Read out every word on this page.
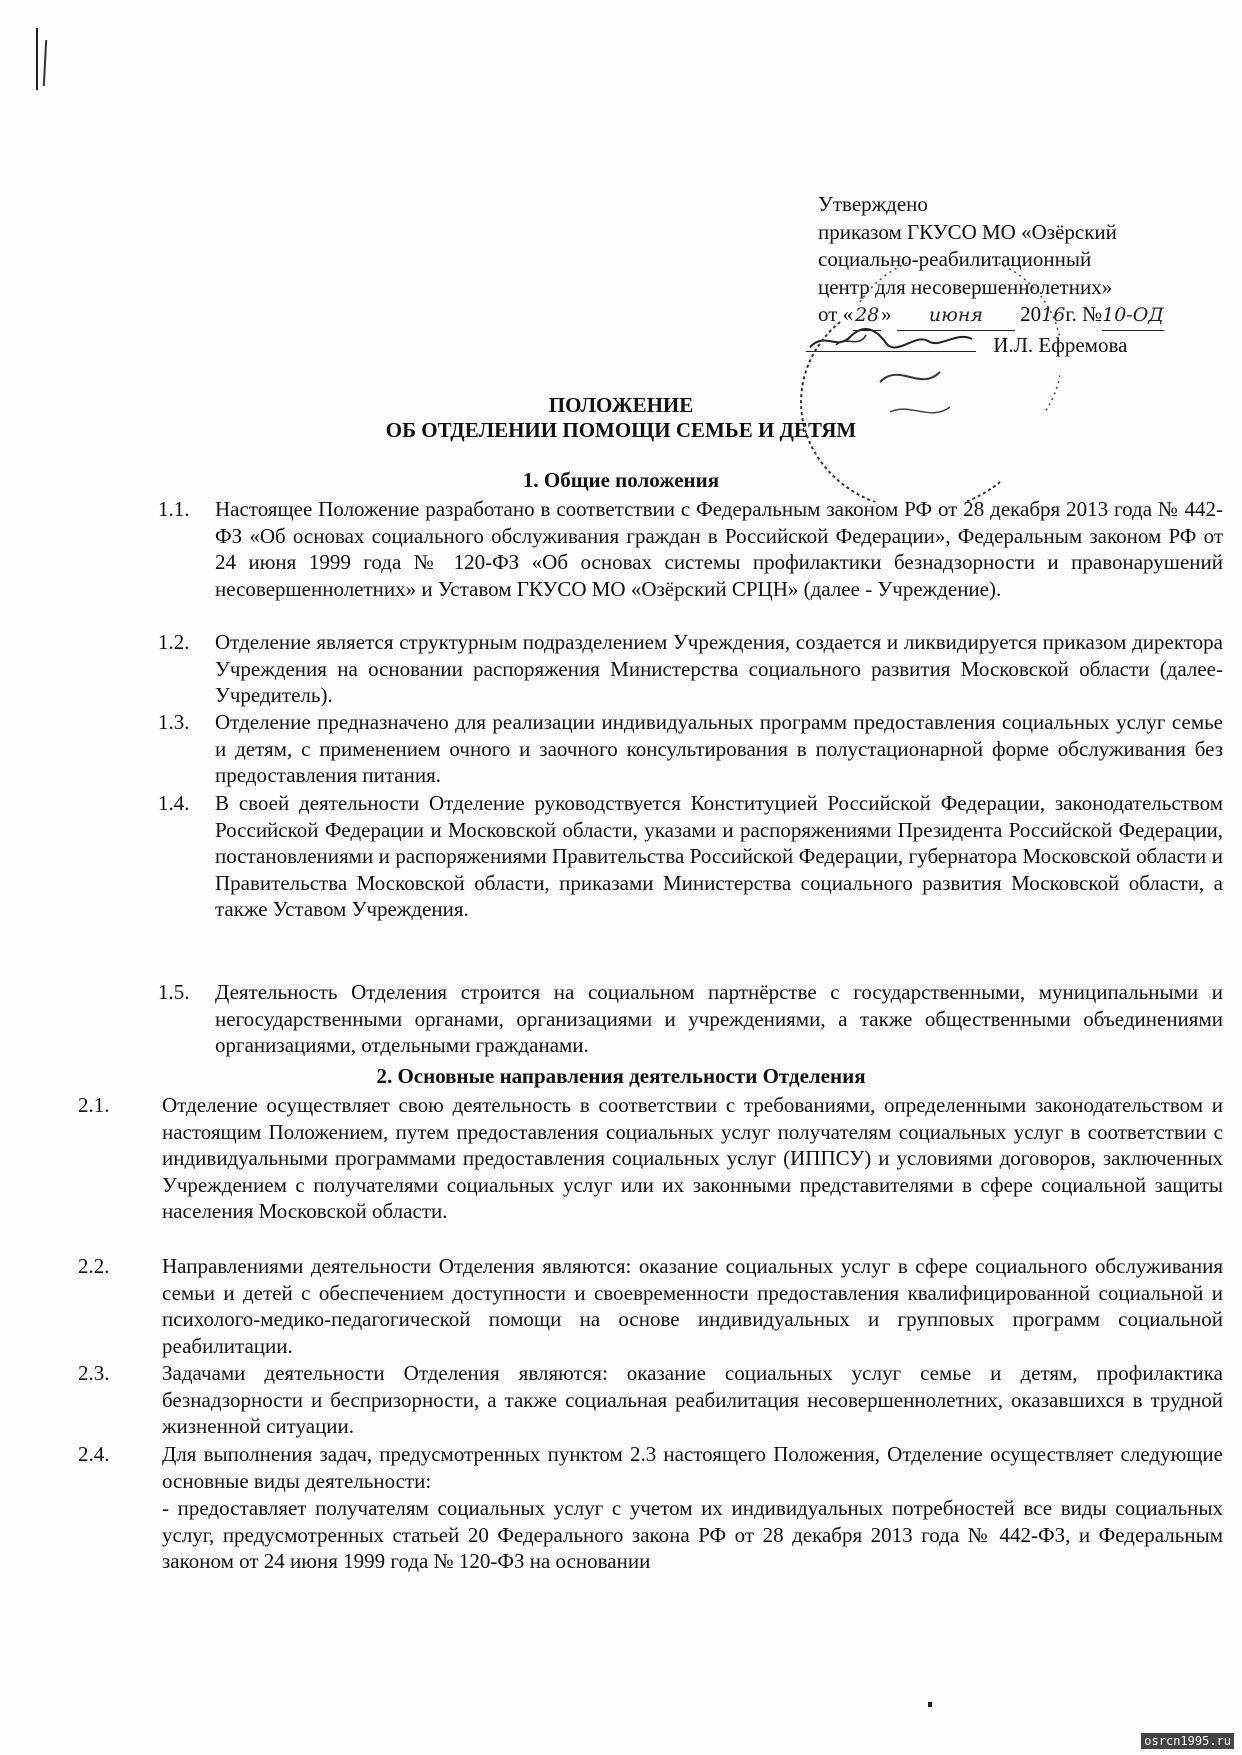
Утверждено
приказом ГКУСО МО «Озёрский
социально-реабилитационный
центр для несовершеннолетних»
от « 28» июня 2016г. №10-ОД
И.Л. Ефремова
ПОЛОЖЕНИЕ
ОБ ОТДЕЛЕНИИ ПОМОЩИ СЕМЬЕ И ДЕТЯМ
1. Общие положения
2. Основные направления деятельности Отделения
1.1. Настоящее Положение разработано в соответствии с Федеральным законом РФ от 28 декабря 2013 года № 442-ФЗ «Об основах социального обслуживания граждан в Российской Федерации», Федеральным законом РФ от 24 июня 1999 года № 120-ФЗ «Об основах системы профилактики безнадзорности и правонарушений несовершеннолетних» и Уставом ГКУСО МО «Озёрский СРЦН» (далее - Учреждение).
1.2. Отделение является структурным подразделением Учреждения, создается и ликвидируется приказом директора Учреждения на основании распоряжения Министерства социального развития Московской области (далее-Учредитель).
1.3. Отделение предназначено для реализации индивидуальных программ предоставления социальных услуг семье и детям, с применением очного и заочного консультирования в полустационарной форме обслуживания без предоставления питания.
1.4. В своей деятельности Отделение руководствуется Конституцией Российской Федерации, законодательством Российской Федерации и Московской области, указами и распоряжениями Президента Российской Федерации, постановлениями и распоряжениями Правительства Российской Федерации, губернатора Московской области и Правительства Московской области, приказами Министерства социального развития Московской области, а также Уставом Учреждения.
1.5. Деятельность Отделения строится на социальном партнёрстве с государственными, муниципальными и негосударственными органами, организациями и учреждениями, а также общественными объединениями организациями, отдельными гражданами.
2.1.	Отделение осуществляет свою деятельность в соответствии с требованиями, определенными законодательством и настоящим Положением, путем предоставления социальных услуг получателям социальных услуг в соответствии с индивидуальными программами предоставления социальных услуг (ИППСУ) и условиями договоров, заключенных Учреждением с получателями социальных услуг или их законными представителями в сфере социальной защиты населения Московской области.
2.2.	Направлениями деятельности Отделения являются: оказание социальных услуг в сфере социального обслуживания семьи и детей с обеспечением доступности и своевременности предоставления квалифицированной социальной и психолого-медико-педагогической помощи на основе индивидуальных и групповых программ социальной реабилитации.
2.3.	Задачами деятельности Отделения являются: оказание социальных услуг семье и детям, профилактика безнадзорности и беспризорности, а также социальная реабилитация несовершеннолетних, оказавшихся в трудной жизненной ситуации.
2.4.	Для выполнения задач, предусмотренных пунктом 2.3 настоящего Положения, Отделение осуществляет следующие основные виды деятельности:
- предоставляет получателям социальных услуг с учетом их индивидуальных потребностей все виды социальных услуг, предусмотренных статьей 20 Федерального закона РФ от 28 декабря 2013 года № 442-ФЗ, и Федеральным законом от 24 июня 1999 года № 120-ФЗ на основании
osrcn1995.ru
